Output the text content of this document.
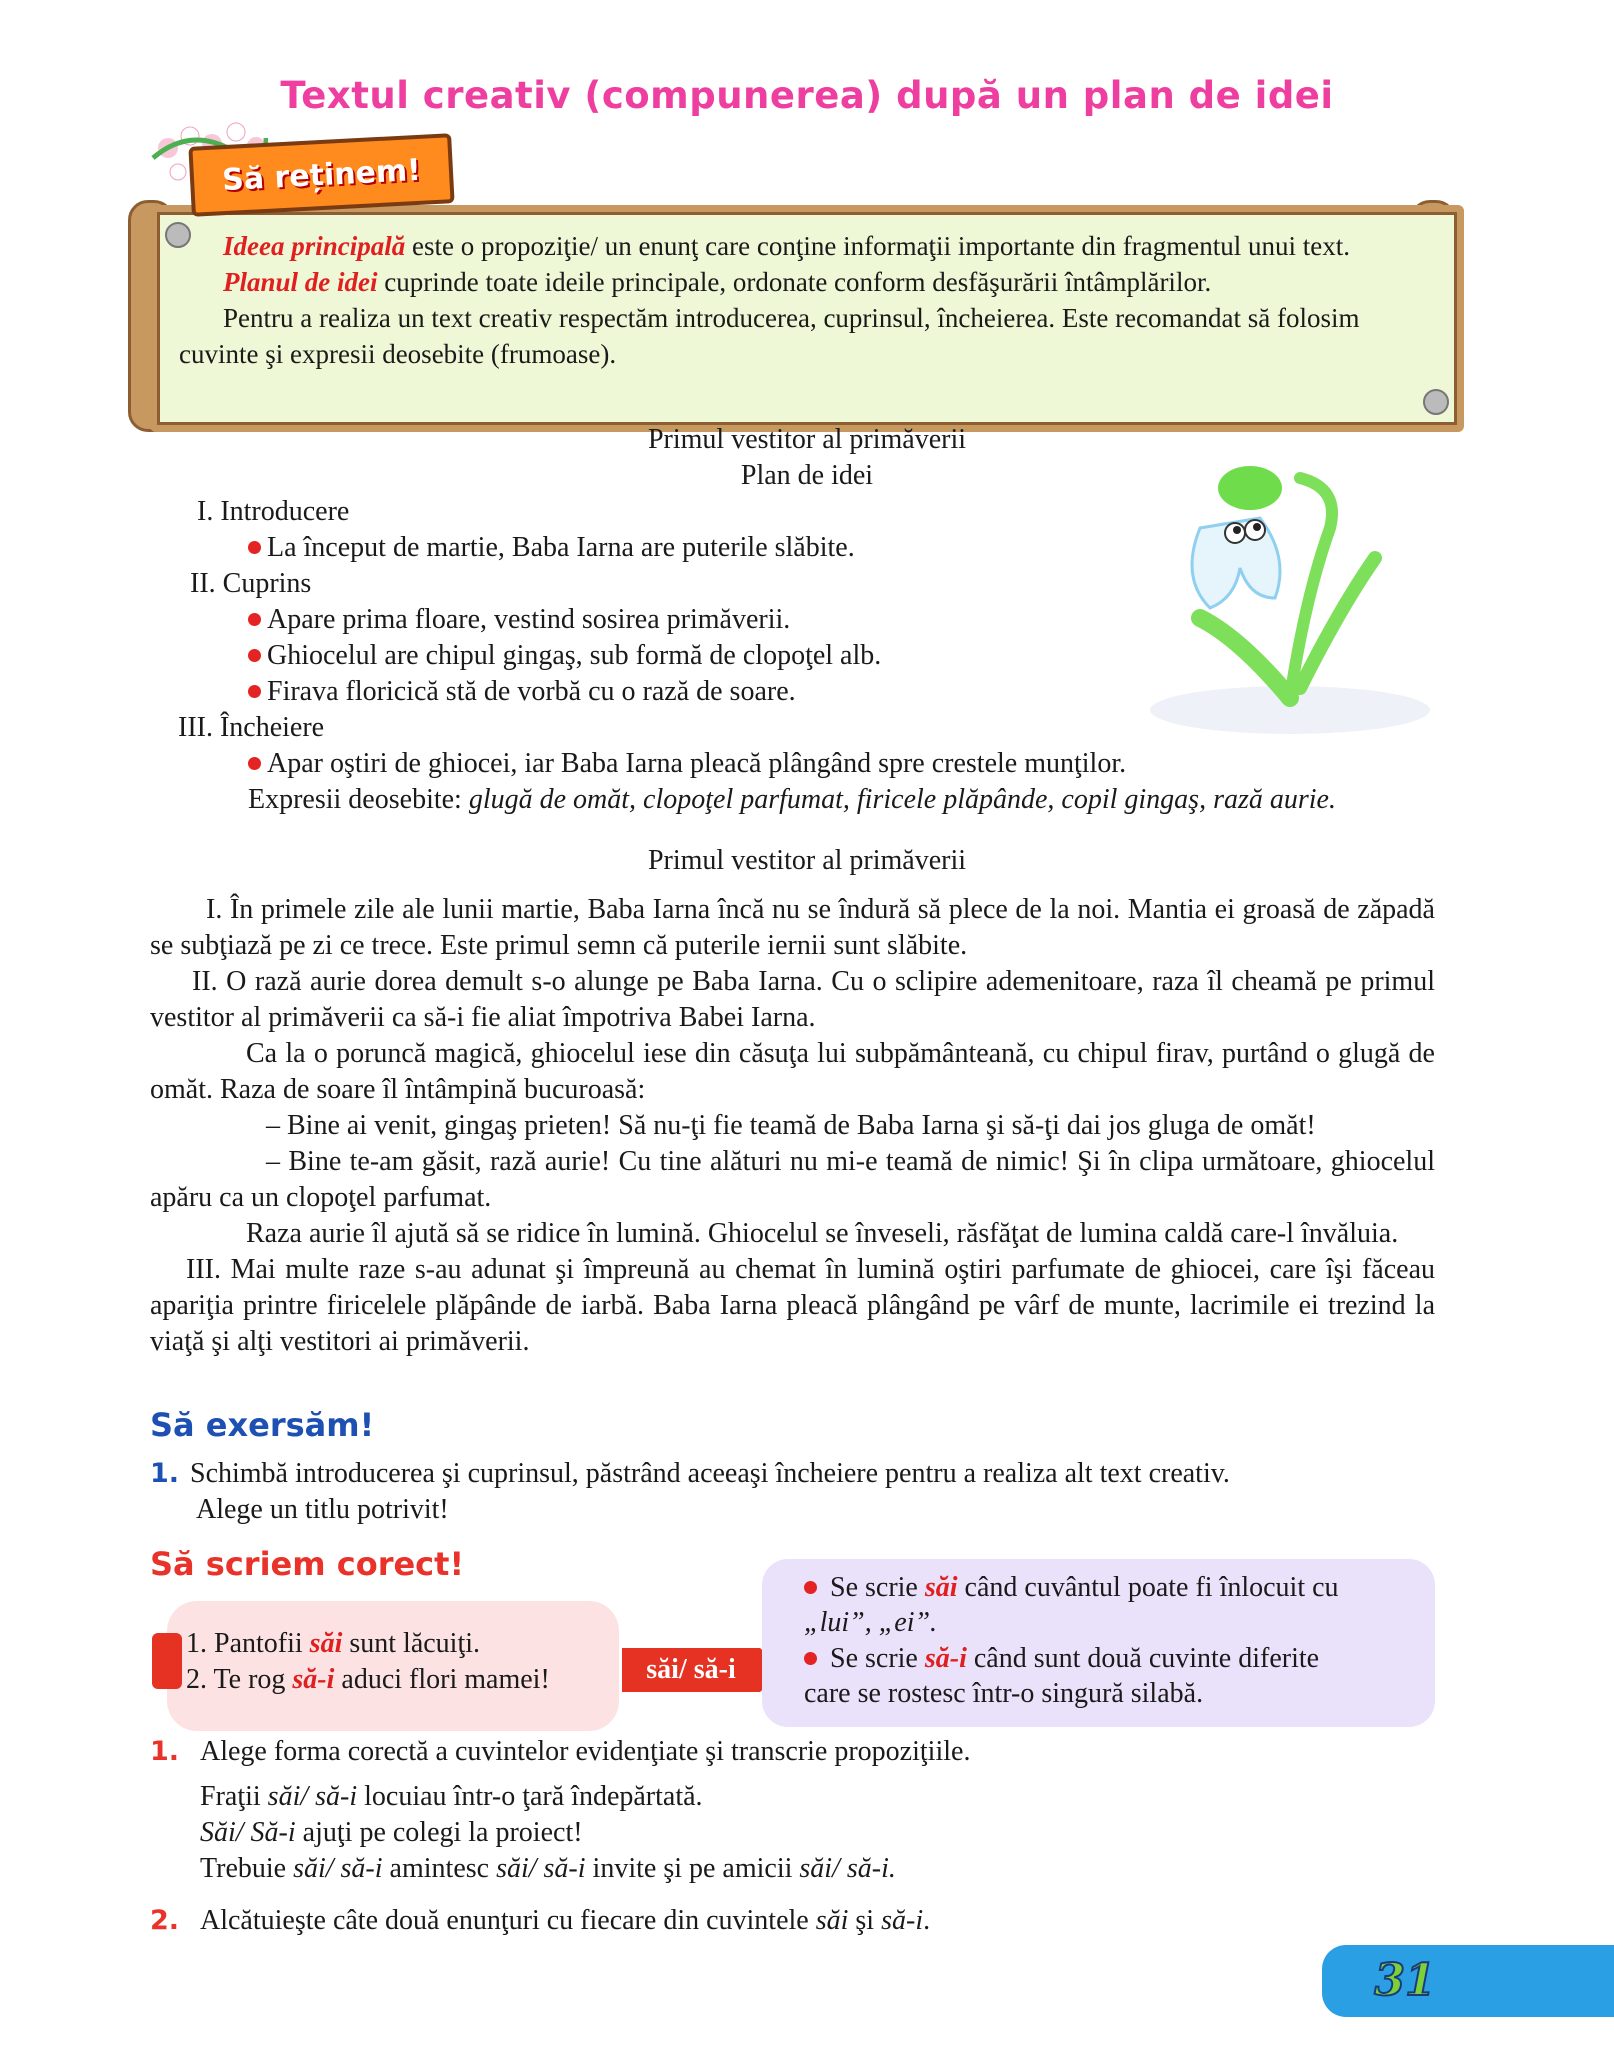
Textul creativ (compunerea) după un plan de idei

Ideea principală este o propoziţie/ un enunţ care conţine informaţii importante din fragmentul unui text.

Planul de idei cuprinde toate ideile principale, ordonate conform desfăşurării întâmplărilor.

Pentru a realiza un text creativ respectăm introducerea, cuprinsul, încheierea. Este recomandat să folosim cuvinte şi expresii deosebite (frumoase).

Să reținem!
Primul vestitor al primăverii
Plan de idei
I. Introducere
La început de martie, Baba Iarna are puterile slăbite.
II. Cuprins
Apare prima floare, vestind sosirea primăverii.
Ghiocelul are chipul gingaş, sub formă de clopoţel alb.
Firava floricică stă de vorbă cu o rază de soare.
III. Încheiere
Apar oştiri de ghiocei, iar Baba Iarna pleacă plângând spre crestele munţilor.
Expresii deosebite: glugă de omăt, clopoţel parfumat, firicele plăpânde, copil gingaş, rază aurie.
Primul vestitor al primăverii

I. În primele zile ale lunii martie, Baba Iarna încă nu se îndură să plece de la noi. Mantia ei groasă de zăpadă se subţiază pe zi ce trece. Este primul semn că puterile iernii sunt slăbite.

II. O rază aurie dorea demult s-o alunge pe Baba Iarna. Cu o sclipire ademenitoare, raza îl cheamă pe primul vestitor al primăverii ca să-i fie aliat împotriva Babei Iarna.

Ca la o poruncă magică, ghiocelul iese din căsuţa lui subpământeană, cu chipul firav, purtând o glugă de omăt. Raza de soare îl întâmpină bucuroasă:

– Bine ai venit, gingaş prieten! Să nu-ţi fie teamă de Baba Iarna şi să-ţi dai jos gluga de omăt!

– Bine te-am găsit, rază aurie! Cu tine alături nu mi-e teamă de nimic! Şi în clipa următoare, ghiocelul apăru ca un clopoţel parfumat.

Raza aurie îl ajută să se ridice în lumină. Ghiocelul se înveseli, răsfăţat de lumina caldă care-l învăluia.

III. Mai multe raze s-au adunat şi împreună au chemat în lumină oştiri parfumate de ghiocei, care îşi făceau apariţia printre firicelele plăpânde de iarbă. Baba Iarna pleacă plângând pe vârf de munte, lacrimile ei trezind la viaţă şi alţi vestitori ai primăverii.

Să exersăm!
1. Schimbă introducerea şi cuprinsul, păstrând aceeaşi încheiere pentru a realiza alt text creativ.
Alege un titlu potrivit!
Să scriem corect!
1. Pantofii săi sunt lăcuiţi.
2. Te rog să-i aduci flori mamei!	săi/ să-i
Se scrie săi când cuvântul poate fi înlocuit cu
„lui”, „ei”.
Se scrie să-i când sunt două cuvinte diferite
care se rostesc într-o singură silabă.
1. Alege forma corectă a cuvintelor evidenţiate şi transcrie propoziţiile.
Fraţii săi/ să-i locuiau într-o ţară îndepărtată.
Săi/ Să-i ajuţi pe colegi la proiect!
Trebuie săi/ să-i amintesc săi/ să-i invite şi pe amicii săi/ să-i.
2. Alcătuieşte câte două enunţuri cu fiecare din cuvintele săi şi să-i.
31
